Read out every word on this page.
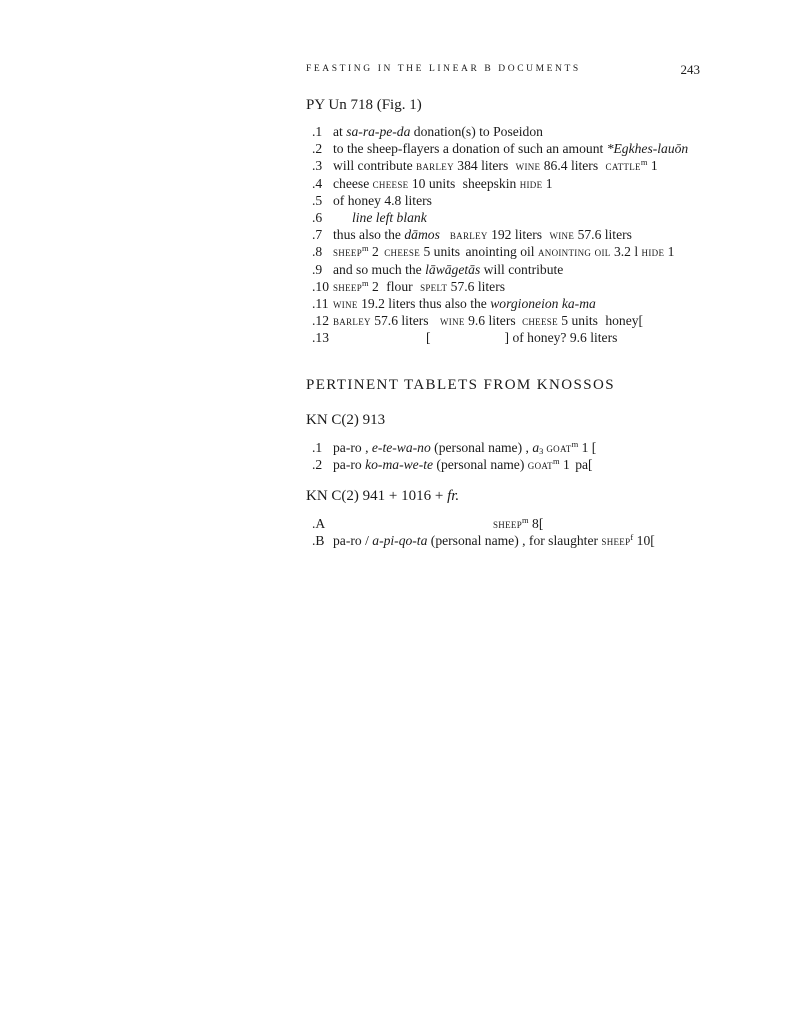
FEASTING IN THE LINEAR B DOCUMENTS	243
PY Un 718 (Fig. 1)
.1 at sa-ra-pe-da donation(s) to Poseidon
.2 to the sheep-flayers a donation of such an amount *Egkhes-lauōn
.3 will contribute barley 384 liters wine 86.4 liters cattle$^m$ 1
.4 cheese cheese 10 units sheepskin hide 1
.5 of honey 4.8 liters
.6 line left blank
.7 thus also the dāmos barley 192 liters wine 57.6 liters
.8 sheep$^m$ 2 cheese 5 units anointing oil anointing oil 3.2 l hide 1
.9 and so much the lāwāgetās will contribute
.10 sheep$^m$ 2 flour spelt 57.6 liters
.11 wine 19.2 liters thus also the worgioneion ka-ma
.12 barley 57.6 liters wine 9.6 liters cheese 5 units honey[
.13	[	] of honey? 9.6 liters
PERTINENT TABLETS FROM KNOSSOS
KN C(2) 913
.1 pa-ro , e-te-wa-no (personal name) , $a_3$ goat$^m$ 1 [
.2 pa-ro ko-ma-we-te (personal name) goat$^m$ 1 pa[
KN C(2) 941 + 1016 + fr.
.A	sheep$^m$ 8[
.B pa-ro / a-pi-qo-ta (personal name) , for slaughter sheep$^f$ 10[
